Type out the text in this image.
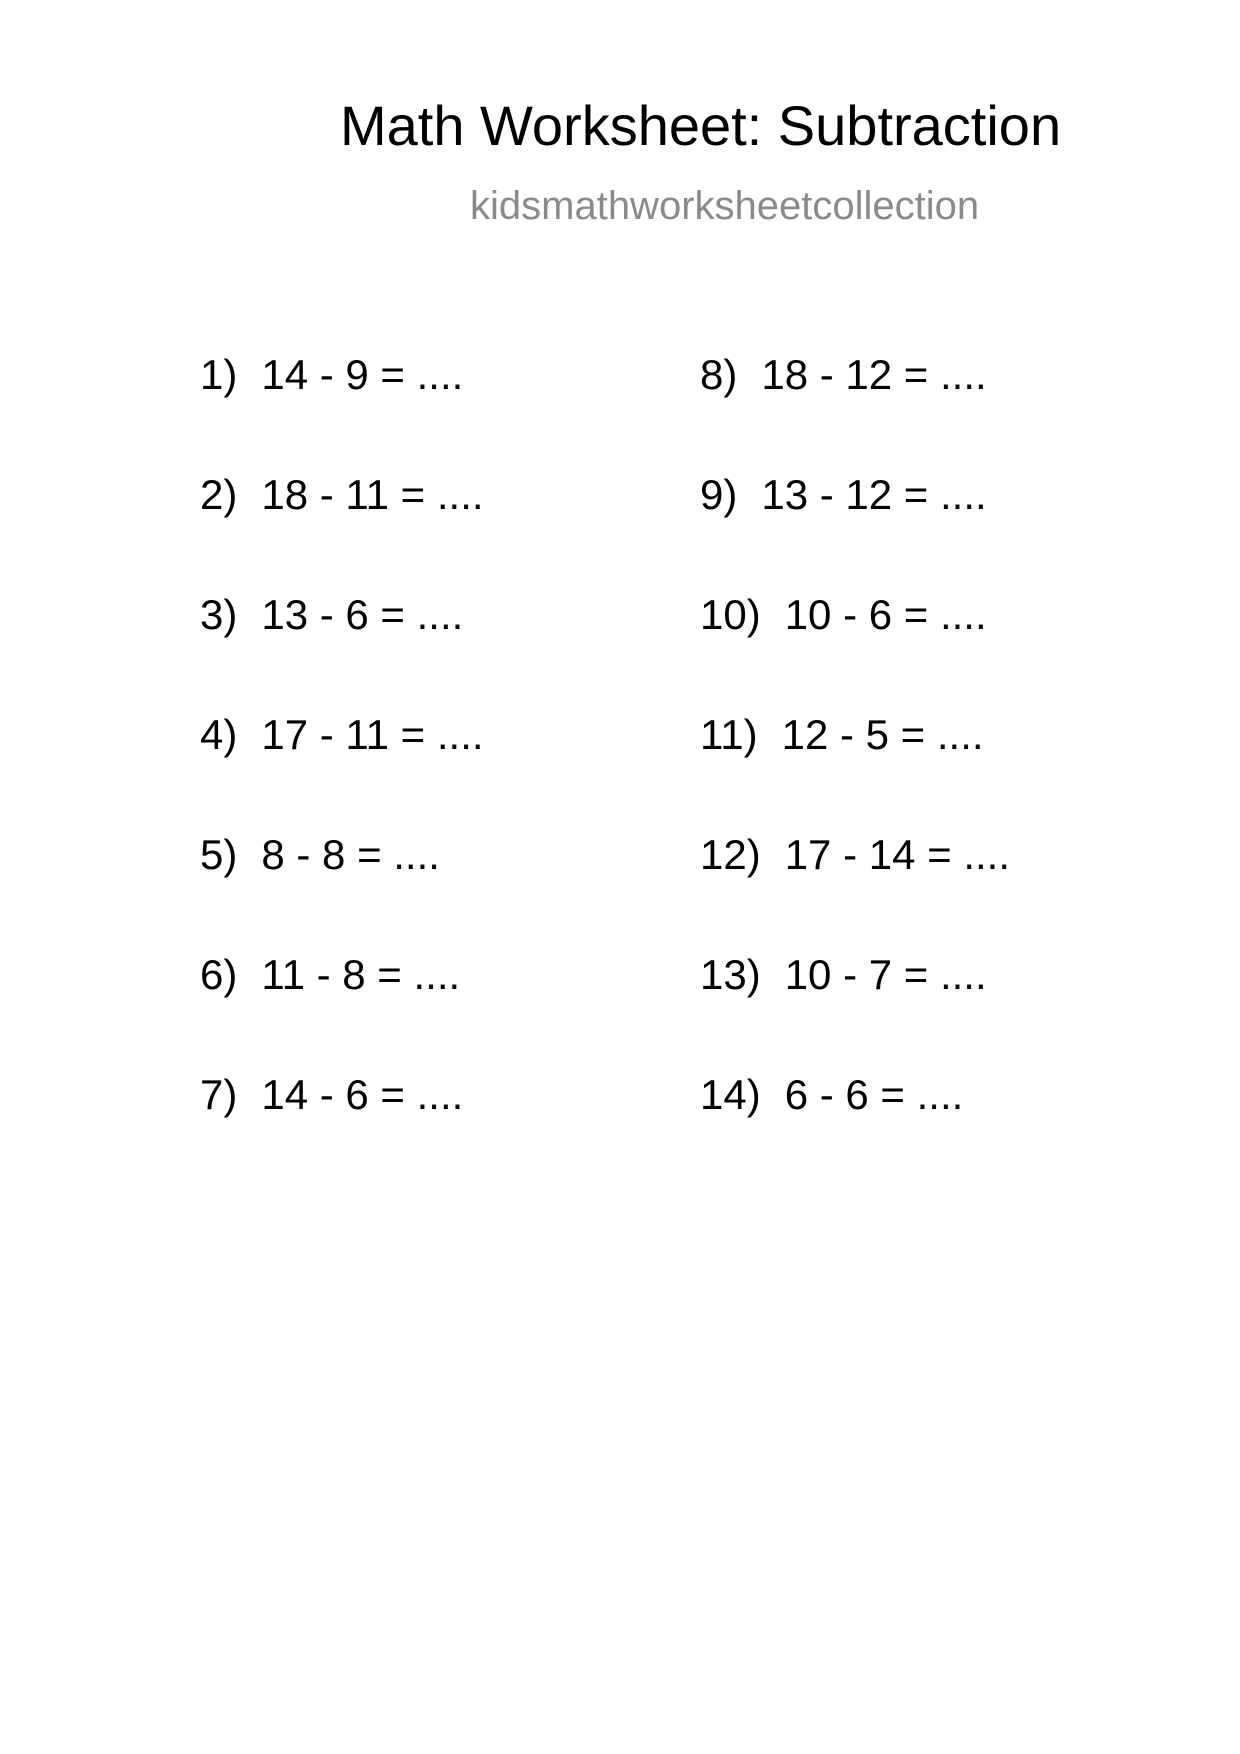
Math Worksheet: Subtraction
kidsmathworksheetcollection
1) 14 - 9 = ....
2) 18 - 11 = ....
3) 13 - 6 = ....
4) 17 - 11 = ....
5) 8 - 8 = ....
6) 11 - 8 = ....
7) 14 - 6 = ....
8) 18 - 12 = ....
9) 13 - 12 = ....
10) 10 - 6 = ....
11) 12 - 5 = ....
12) 17 - 14 = ....
13) 10 - 7 = ....
14) 6 - 6 = ....
